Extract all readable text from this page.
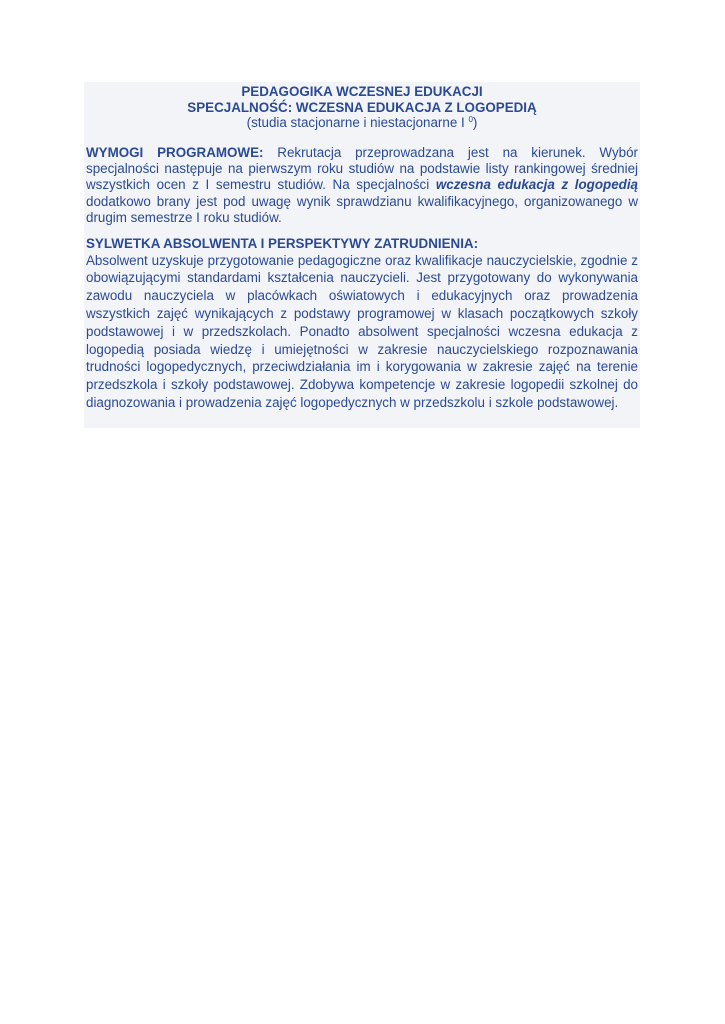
PEDAGOGIKA WCZESNEJ EDUKACJI
SPECJALNOŚĆ: WCZESNA EDUKACJA Z LOGOPEDIĄ
(studia stacjonarne i niestacjonarne I $^0$)

WYMOGI PROGRAMOWE: Rekrutacja przeprowadzana jest na kierunek. Wybór specjalności następuje na pierwszym roku studiów na podstawie listy rankingowej średniej wszystkich ocen z I semestru studiów. Na specjalności wczesna edukacja z logopedią dodatkowo brany jest pod uwagę wynik sprawdzianu kwalifikacyjnego, organizowanego w drugim semestrze I roku studiów.

SYLWETKA ABSOLWENTA I PERSPEKTYWY ZATRUDNIENIA:

Absolwent uzyskuje przygotowanie pedagogiczne oraz kwalifikacje nauczycielskie, zgodnie z obowiązującymi standardami kształcenia nauczycieli. Jest przygotowany do wykonywania zawodu nauczyciela w placówkach oświatowych i edukacyjnych oraz prowadzenia wszystkich zajęć wynikających z podstawy programowej w klasach początkowych szkoły podstawowej i w przedszkolach. Ponadto absolwent specjalności wczesna edukacja z logopedią posiada wiedzę i umiejętności w zakresie nauczycielskiego rozpoznawania trudności logopedycznych, przeciwdziałania im i korygowania w zakresie zajęć na terenie przedszkola i szkoły podstawowej. Zdobywa kompetencje w zakresie logopedii szkolnej do diagnozowania i prowadzenia zajęć logopedycznych w przedszkolu i szkole podstawowej.
